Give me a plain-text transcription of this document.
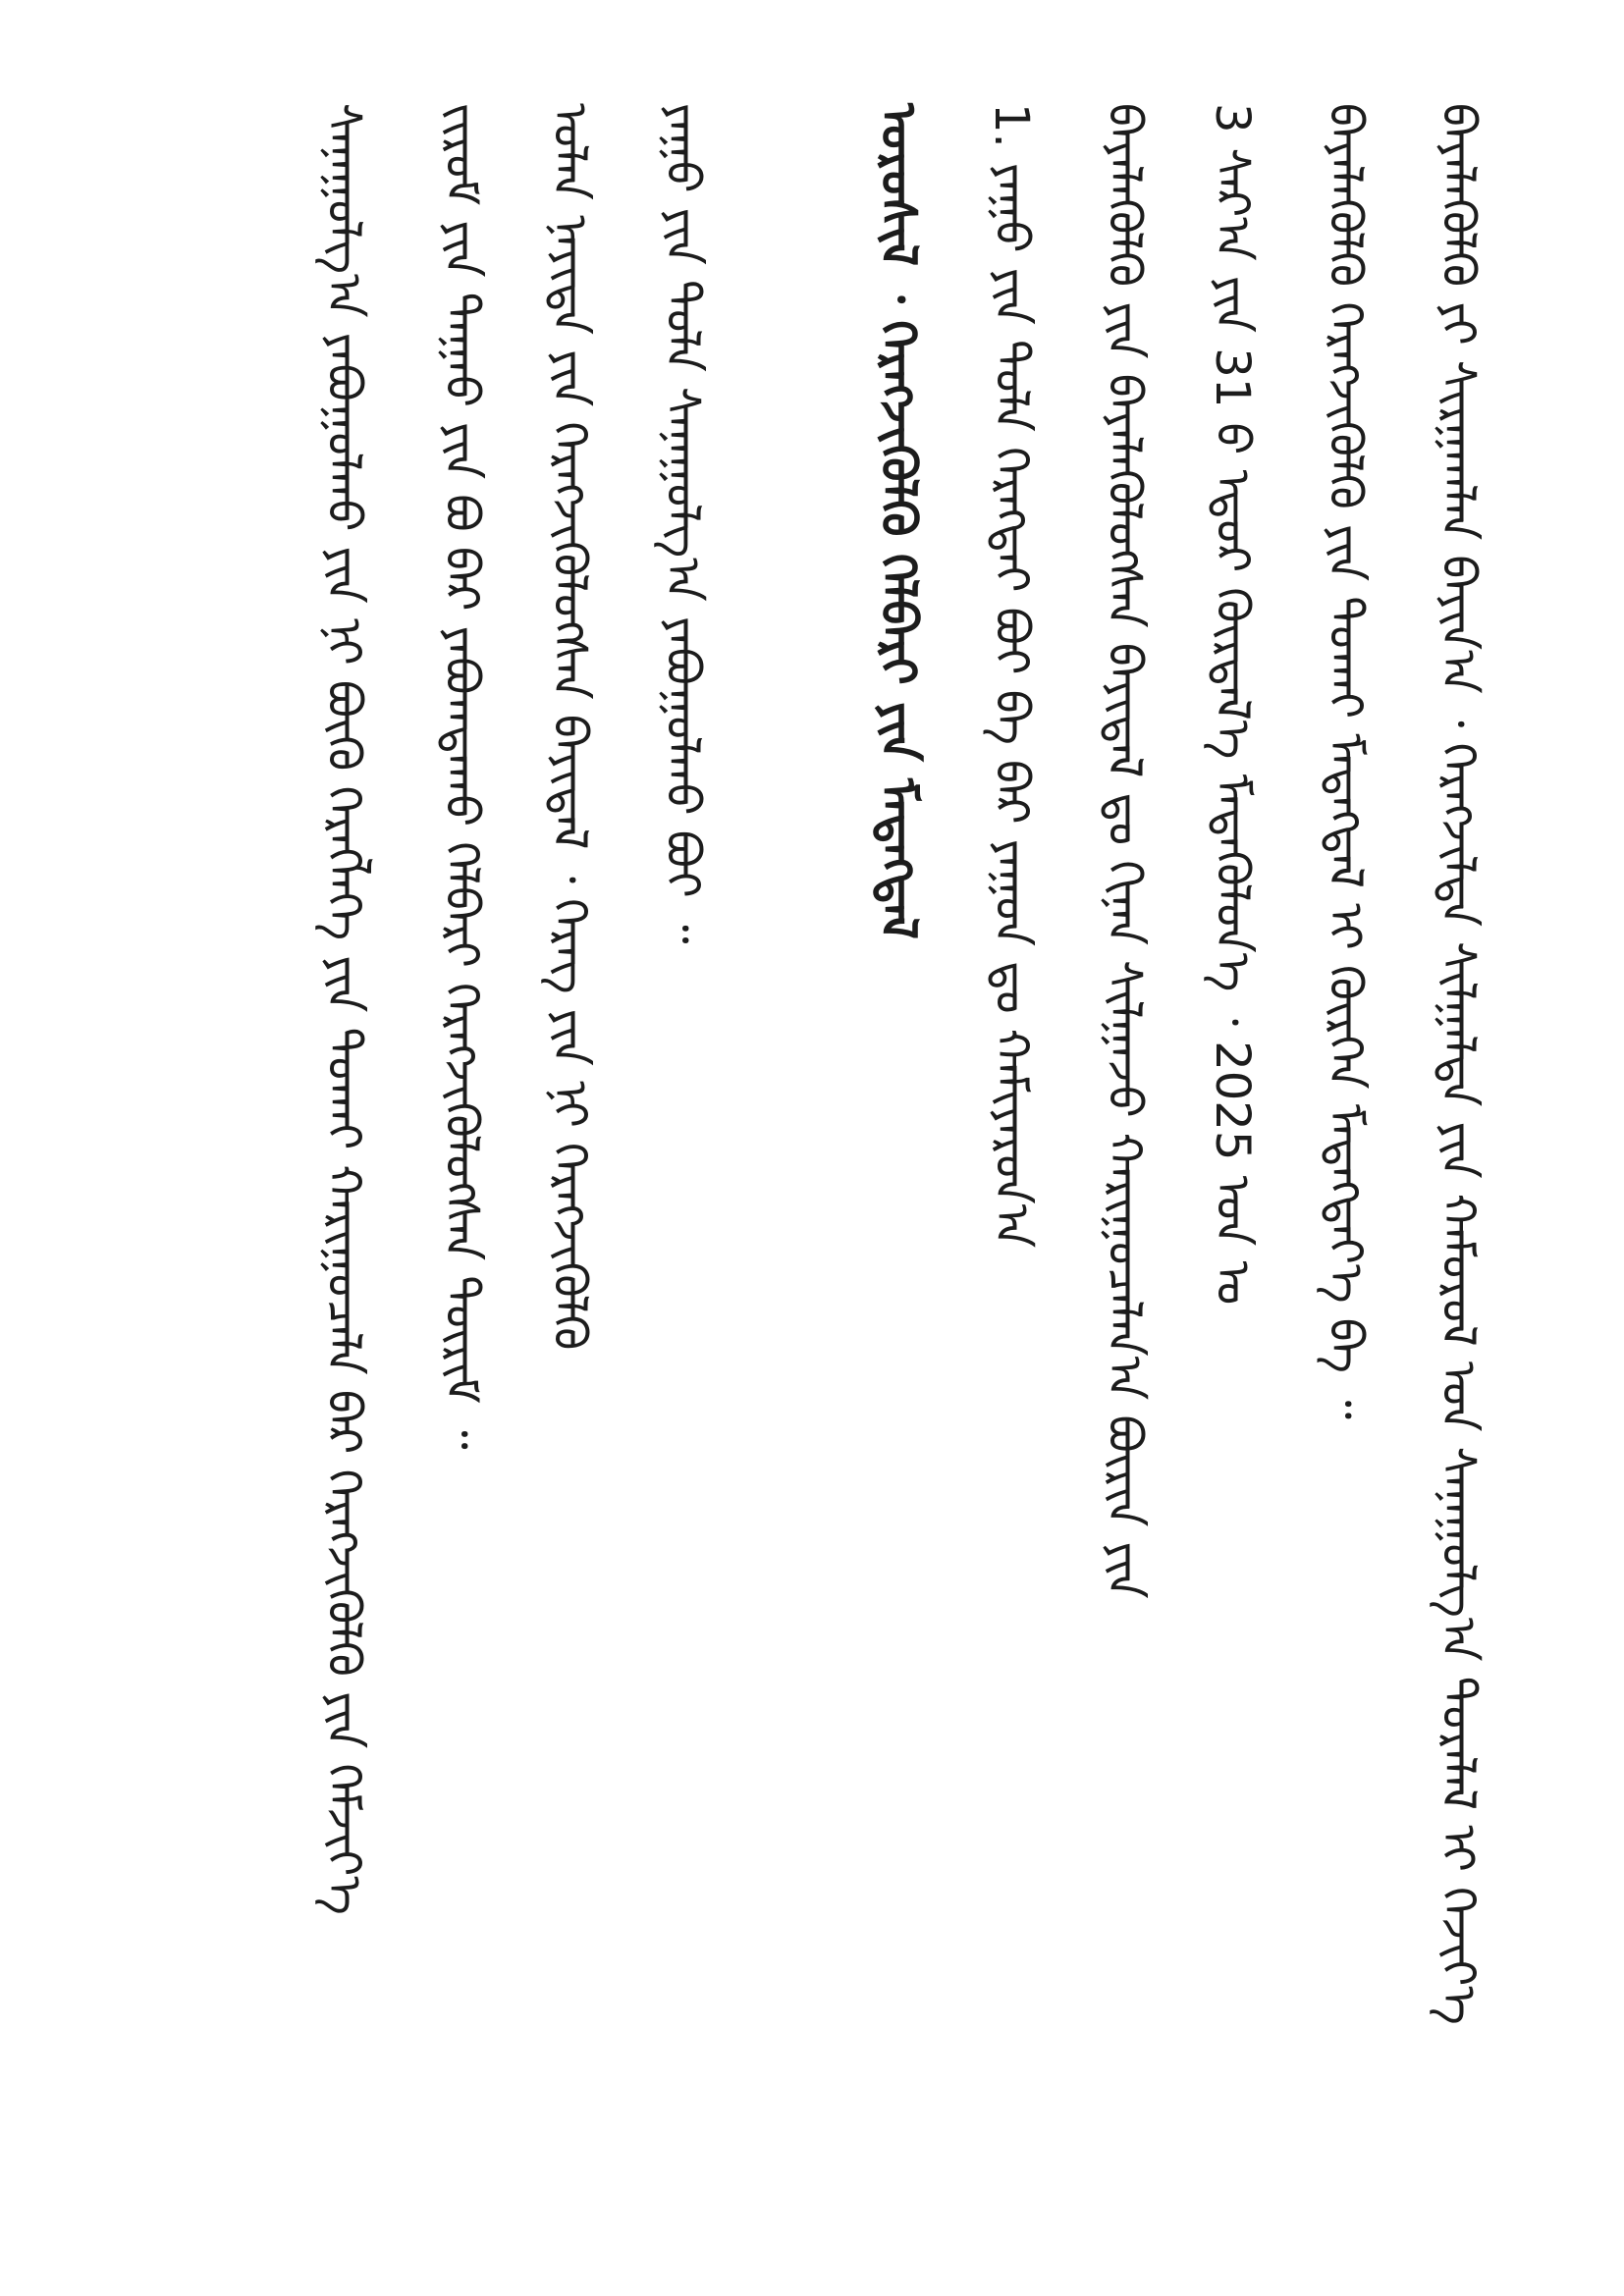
ᠪᠡᠶᠡᠯᠡᠭᠦᠯᠬᠦ ᠶᠢ ᠰᠢᠷᠭᠠᠭᠯᠠᠨ ᠪᠠᠶᠢᠨ᠎ᠠ ᠂ ᠬᠡᠷᠡᠭᠵᠢᠯᠲᠡ ᠰᠢᠯᠭᠠᠯᠲᠠ ᠶᠢᠨ ᠬᠠᠮᠤᠷᠤᠯ ᠤᠨ ᠰᠠᠨᠠᠭᠤᠯᠭ᠎ᠠ ᠳᠤᠷᠠᠯᠠᠯ ᠢ ᠬᠡᠵᠢᠶ᠎ᠡ
ᠪᠡᠶᠡᠯᠡᠭᠦᠯᠬᠦ ᠬᠡᠷᠡᠭᠵᠢᠭᠦᠯᠬᠦ ᠶᠢᠨ ᠲᠤᠬᠠᠢ ᠮᠡᠳᠡᠭᠳᠡᠯ ᠢ ᠬᠦᠷᠭᠡᠨ ᠮᠡᠳᠡᠭᠳᠡᠶ᠎ᠡ ᠪᠡ ᠃
3 ᠰᠠᠷ᠎ᠠ ᠶᠢᠨ 31 ᠪ ᠡᠳᠦᠷ ᠬᠦᠷᠲᠡᠯ᠎ᠡ ᠮᠡᠳᠡᠭᠦᠯᠦᠨ᠎ᠡ ᠂ 2025 ᠣᠨ ᠤ
ᠪᠡᠶᠡᠯᠡᠭᠦᠯᠬᠦ ᠶᠢᠨ ᠪᠡᠶᠡᠯᠡᠭᠦᠯᠦᠭᠰᠡᠨ ᠪᠠᠶᠢᠳᠠᠯ ᠳᠤ ᠬᠢᠨᠠᠨ ᠰᠢᠯᠭᠠᠵᠤ ᠬᠠᠷᠢᠭᠤᠴᠠᠯᠠᠨ᠎ᠠ ᠪᠦᠷᠢᠨ ᠶᠢᠨ
1. ᠶᠠᠭᠤ ᠶᠢᠨ ᠲᠤᠯᠠ ᠬᠡᠷᠡᠭᠲᠡᠢ ᠪᠤᠢ ᠪᠡ ᠪᠡᠷ ᠶᠠᠭᠤᠨ ᠳᠤ ᠬᠠᠮᠢᠶᠠᠷᠤᠨ᠎ᠠ
ᠣᠷᠤᠰᠢᠯ ᠂ ᠬᠡᠷᠡᠭᠵᠢᠭᠦᠯᠬᠦ ᠬᠡᠯᠪᠡᠷᠢ ᠶᠢᠨ ᠮᠡᠳᠡᠭᠳᠡᠯ
ᠶᠠᠭᠤ ᠶᠢᠨ ᠲᠤᠯᠠ ᠰᠠᠨᠠᠭᠤᠯᠭ᠎ᠠ ᠶᠠᠪᠤᠭᠤᠯᠬᠤ ᠪᠤᠢ ᠃
ᠣᠯᠠᠨ ᠨᠡᠶᠢᠲᠡ ᠶᠢᠨ ᠬᠡᠷᠡᠭᠵᠢᠭᠦᠯᠦᠭᠰᠡᠨ ᠪᠠᠶᠢᠳᠠᠯ ᠂ ᠬᠡᠷᠡᠭ ᠶᠢᠨ ᠨᠢ ᠬᠡᠷᠡᠭᠵᠢᠭᠦᠯᠬᠦ
ᠵᠢᠷᠤᠮ ᠶᠢᠨ ᠳᠠᠭᠠᠤ ᠶᠢᠨ ᠪᠤ ᠪᠡᠷ ᠶᠠᠪᠤᠭᠳᠠᠬᠤ ᠬᠡᠯᠪᠡᠷᠢ ᠬᠡᠷᠡᠭᠵᠢᠭᠦᠯᠦᠭᠰᠡᠨ ᠳᠦᠷᠢᠮ ᠃
ᠰᠠᠨᠠᠭᠤᠯᠭ᠎ᠠ ᠶᠠᠪᠤᠭᠤᠯᠬᠤ ᠶᠢᠨ ᠨᠢ ᠪᠦᠬᠦ ᠬᠡᠷᠡᠭᠯᠡᠭᠡ ᠶᠢᠨ ᠲᠤᠬᠠᠢ ᠬᠠᠷᠢᠭᠤᠴᠠᠯᠠ ᠪᠠᠷ ᠬᠡᠷᠡᠭᠵᠢᠭᠦᠯᠬᠦ ᠶᠢᠨ ᠬᠡᠮᠵᠢᠶ᠎ᠡ
